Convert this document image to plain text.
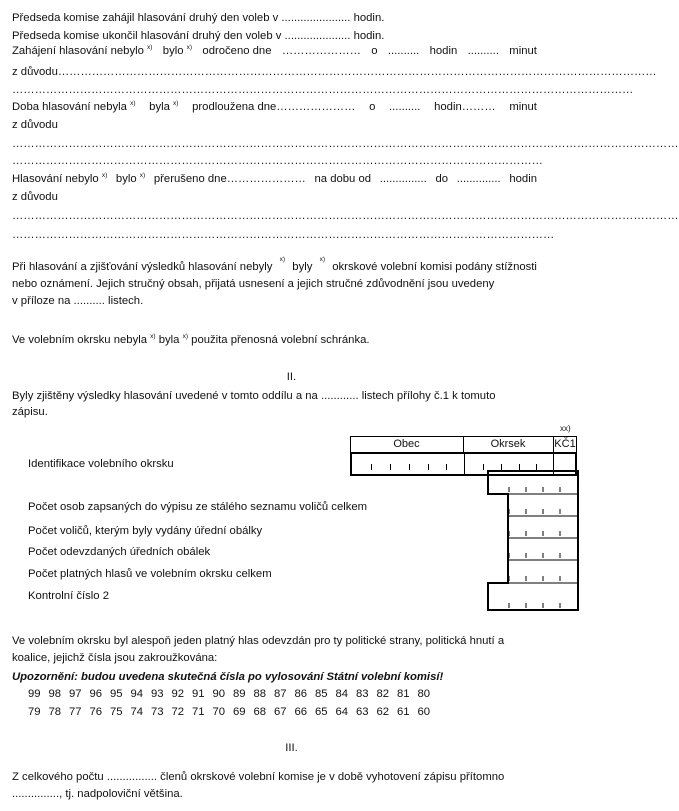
Předseda komise zahájil hlasování druhý den voleb v ...................... hodin.
Předseda komise ukončil hlasování druhý den voleb v ..................... hodin.
Zahájení hlasování nebylo $^{x)}$ bylo $^{x)}$ odročeno dne ………………… o .......... hodin .......... minut
z důvodu……………………………………………………………………………………………………………………………………………
…………………………………………………………………………………………………………………………………………………
Doba hlasování nebyla $^{x)}$ byla $^{x)}$ prodloužena dne………………… o .......... hodin……… minut
z důvodu
……………………………………………………………………………………………………………………………………………………………
……………………………………………………………………………………………………………………………
Hlasování nebylo $^{x)}$ bylo $^{x)}$ přerušeno dne………………… na dobu od ............... do .............. hodin
z důvodu
……………………………………………………………………………………………………………………………………………………………
………………………………………………………………………………………………………………………………
Při hlasování a zjišťování výsledků hlasování nebyly
x)
byly
x)
okrskové volební komisi podány stížnosti
nebo oznámení. Jejich stručný obsah, přijatá usnesení a jejich stručné zdůvodnění jsou uvedeny
v příloze na .......... listech.
Ve volebním okrsku nebyla $^{x)}$ byla $^{x)}$ použita přenosná volební schránka.
II.
Byly zjištěny výsledky hlasování uvedené v tomto oddílu a na ............ listech přílohy č.1 k tomuto
zápisu.
xx)
Obec	Okrsek	KČ1
Identifikace volebního okrsku
Počet osob zapsaných do výpisu ze stálého seznamu voličů celkem
Počet voličů, kterým byly vydány úřední obálky
Počet odevzdaných úředních obálek
Počet platných hlasů ve volebním okrsku celkem
Kontrolní číslo 2
Ve volebním okrsku byl alespoň jeden platný hlas odevzdán pro ty politické strany, politická hnutí a
koalice, jejichž čísla jsou zakroužkována:
Upozornění: budou uvedena skutečná čísla po vylosování Státní volební komisí!
99 98 97 96 95 94 93 92 91 90 89 88 87 86 85 84 83 82 81 80
79 78 77 76 75 74 73 72 71 70 69 68 67 66 65 64 63 62 61 60
III.
Z celkového počtu ................ členů okrskové volební komise je v době vyhotovení zápisu přítomno
..............., tj. nadpoloviční většina.
